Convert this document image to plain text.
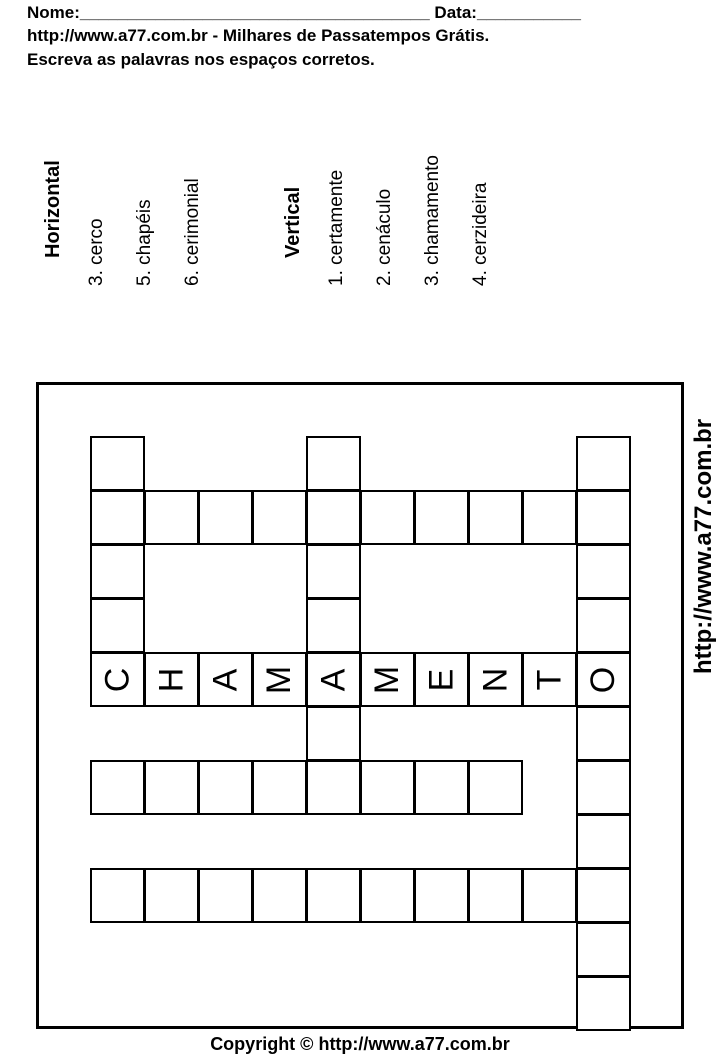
Nome:_____________________________________ Data:___________
http://www.a77.com.br - Milhares de Passatempos Grátis.
Escreva as palavras nos espaços corretos.
Horizontal 3. cerco 5. chapéis 6. cerimonial	Vertical 1. certamente 2. cenáculo 3. chamamento 4. cerzideira
http://www.a77.com.br
C H A M A M E N T O
Copyright © http://www.a77.com.br
